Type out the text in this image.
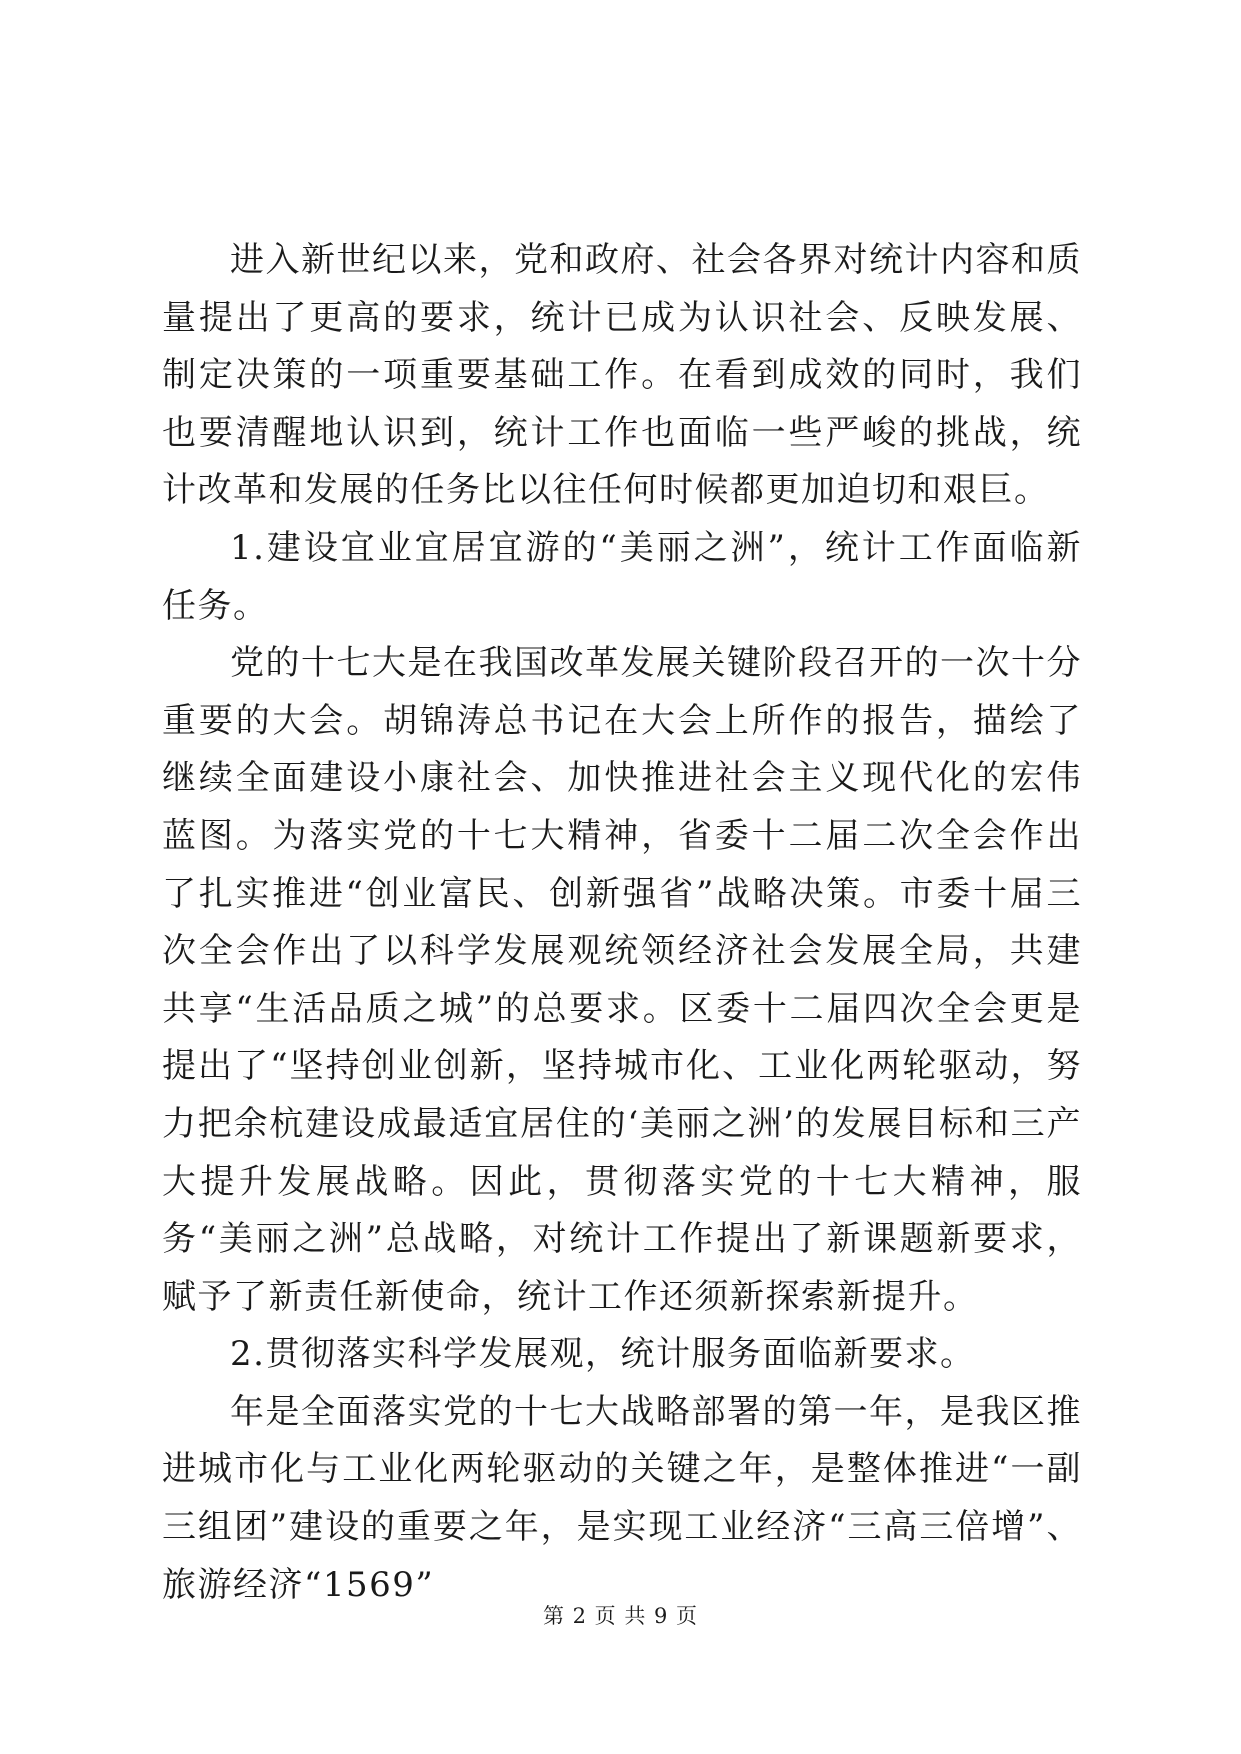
进入新世纪以来，党和政府、社会各界对统计内容和质量提出了更高的要求，统计已成为认识社会、反映发展、制定决策的一项重要基础工作。在看到成效的同时，我们也要清醒地认识到，统计工作也面临一些严峻的挑战，统计改革和发展的任务比以往任何时候都更加迫切和艰巨。

1.建设宜业宜居宜游的“美丽之洲”，统计工作面临新任务。

党的十七大是在我国改革发展关键阶段召开的一次十分重要的大会。胡锦涛总书记在大会上所作的报告，描绘了继续全面建设小康社会、加快推进社会主义现代化的宏伟蓝图。为落实党的十七大精神，省委十二届二次全会作出了扎实推进“创业富民、创新强省”战略决策。市委十届三次全会作出了以科学发展观统领经济社会发展全局，共建共享“生活品质之城”的总要求。区委十二届四次全会更是提出了“坚持创业创新，坚持城市化、工业化两轮驱动，努力把余杭建设成最适宜居住的‘美丽之洲’的发展目标和三产大提升发展战略。因此，贯彻落实党的十七大精神，服务“美丽之洲”总战略，对统计工作提出了新课题新要求，赋予了新责任新使命，统计工作还须新探索新提升。

2.贯彻落实科学发展观，统计服务面临新要求。

年是全面落实党的十七大战略部署的第一年，是我区推进城市化与工业化两轮驱动的关键之年，是整体推进“一副三组团”建设的重要之年，是实现工业经济“三高三倍增”、旅游经济“1569”

第 2 页 共 9 页
